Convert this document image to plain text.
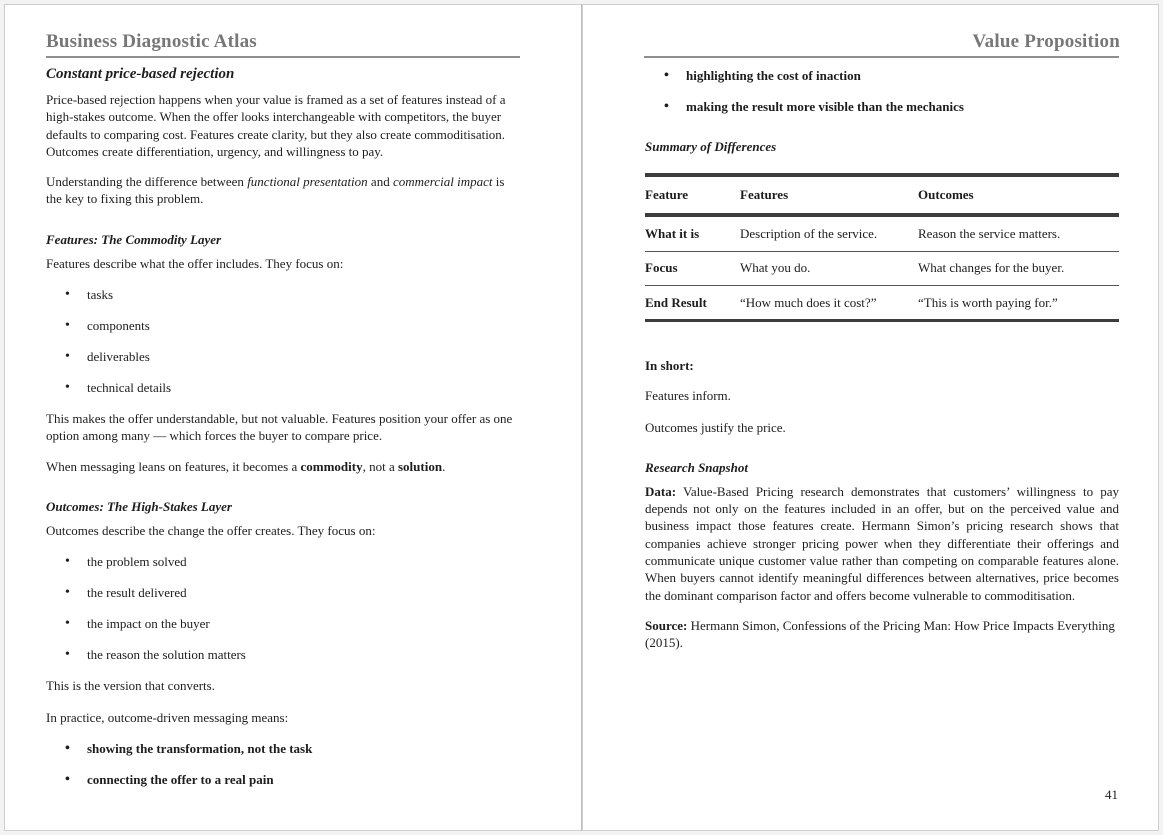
Business Diagnostic Atlas
Constant price-based rejection

Price-based rejection happens when your value is framed as a set of features instead of a high-stakes outcome. When the offer looks interchangeable with competitors, the buyer defaults to comparing cost. Features create clarity, but they also create commoditisation. Outcomes create differentiation, urgency, and willingness to pay.

Understanding the difference between functional presentation and commercial impact is the key to fixing this problem.

Features: The Commodity Layer

Features describe what the offer includes. They focus on:

• tasks
• components
• deliverables
• technical details

This makes the offer understandable, but not valuable. Features position your offer as one option among many — which forces the buyer to compare price.

When messaging leans on features, it becomes a commodity, not a solution.

Outcomes: The High-Stakes Layer

Outcomes describe the change the offer creates. They focus on:

• the problem solved
• the result delivered
• the impact on the buyer
• the reason the solution matters

This is the version that converts.

In practice, outcome-driven messaging means:

• showing the transformation, not the task
• connecting the offer to a real pain
Value Proposition
• highlighting the cost of inaction
• making the result more visible than the mechanics
Summary of Differences
Feature	Features	Outcomes
What it is	Description of the service.	Reason the service matters.
Focus	What you do.	What changes for the buyer.
End Result	“How much does it cost?”	“This is worth paying for.”

In short:

Features inform.

Outcomes justify the price.

Research Snapshot

Data: Value-Based Pricing research demonstrates that customers’ willingness to pay depends not only on the features included in an offer, but on the perceived value and business impact those features create. Hermann Simon’s pricing research shows that companies achieve stronger pricing power when they differentiate their offerings and communicate unique customer value rather than competing on comparable features alone. When buyers cannot identify meaningful differences between alternatives, price becomes the dominant comparison factor and offers become vulnerable to commoditisation.

Source: Hermann Simon, Confessions of the Pricing Man: How Price Impacts Everything (2015).

41
